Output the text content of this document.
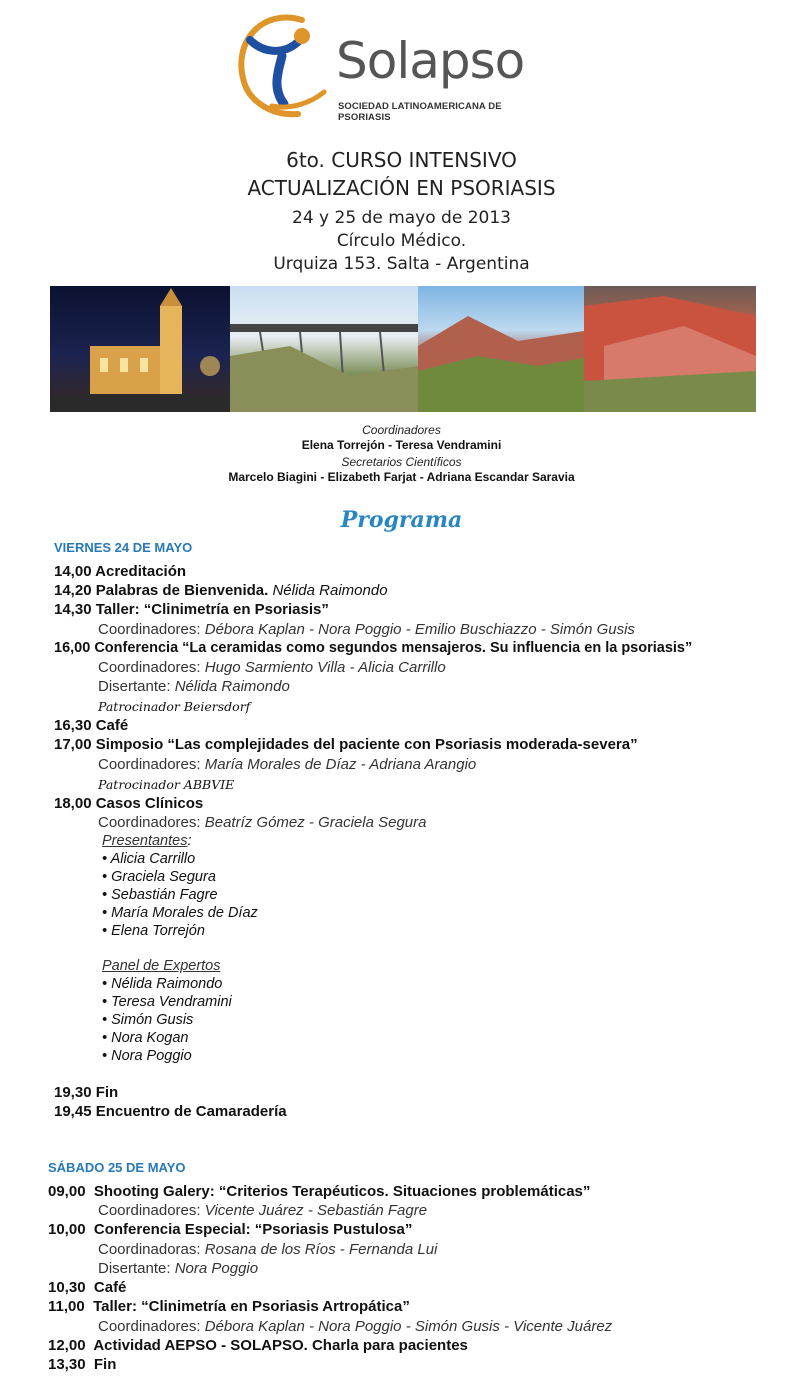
Solapso
SOCIEDAD LATINOAMERICANA DE PSORIASIS
6to. CURSO INTENSIVO
ACTUALIZACIÓN EN PSORIASIS
24 y 25 de mayo de 2013
Círculo Médico.
Urquiza 153. Salta - Argentina
Coordinadores
Elena Torrejón - Teresa Vendramini
Secretarios Científicos
Marcelo Biagini - Elizabeth Farjat - Adriana Escandar Saravia
Programa
VIERNES 24 DE MAYO
14,00 Acreditación
14,20 Palabras de Bienvenida. Nélida Raimondo
14,30 Taller: “Clinimetría en Psoriasis”
Coordinadores: Débora Kaplan - Nora Poggio - Emilio Buschiazzo - Simón Gusis
16,00 Conferencia “La ceramidas como segundos mensajeros. Su influencia en la psoriasis”
Coordinadores: Hugo Sarmiento Villa - Alicia Carrillo
Disertante: Nélida Raimondo
Patrocinador Beiersdorf
16,30 Café
17,00 Simposio “Las complejidades del paciente con Psoriasis moderada-severa”
Coordinadores: María Morales de Díaz - Adriana Arangio
Patrocinador ABBVIE
18,00 Casos Clínicos
Coordinadores: Beatríz Gómez - Graciela Segura
Presentantes:
• Alicia Carrillo
• Graciela Segura
• Sebastián Fagre
• María Morales de Díaz
• Elena Torrejón
Panel de Expertos
• Nélida Raimondo
• Teresa Vendramini
• Simón Gusis
• Nora Kogan
• Nora Poggio
19,30 Fin
19,45 Encuentro de Camaradería
SÁBADO 25 DE MAYO
09,00 Shooting Galery: “Criterios Terapéuticos. Situaciones problemáticas”
Coordinadores: Vicente Juárez - Sebastián Fagre
10,00 Conferencia Especial: “Psoriasis Pustulosa”
Coordinadoras: Rosana de los Ríos - Fernanda Lui
Disertante: Nora Poggio
10,30 Café
11,00 Taller: “Clinimetría en Psoriasis Artropática”
Coordinadores: Débora Kaplan - Nora Poggio - Simón Gusis - Vicente Juárez
12,00 Actividad AEPSO - SOLAPSO. Charla para pacientes
13,30 Fin
